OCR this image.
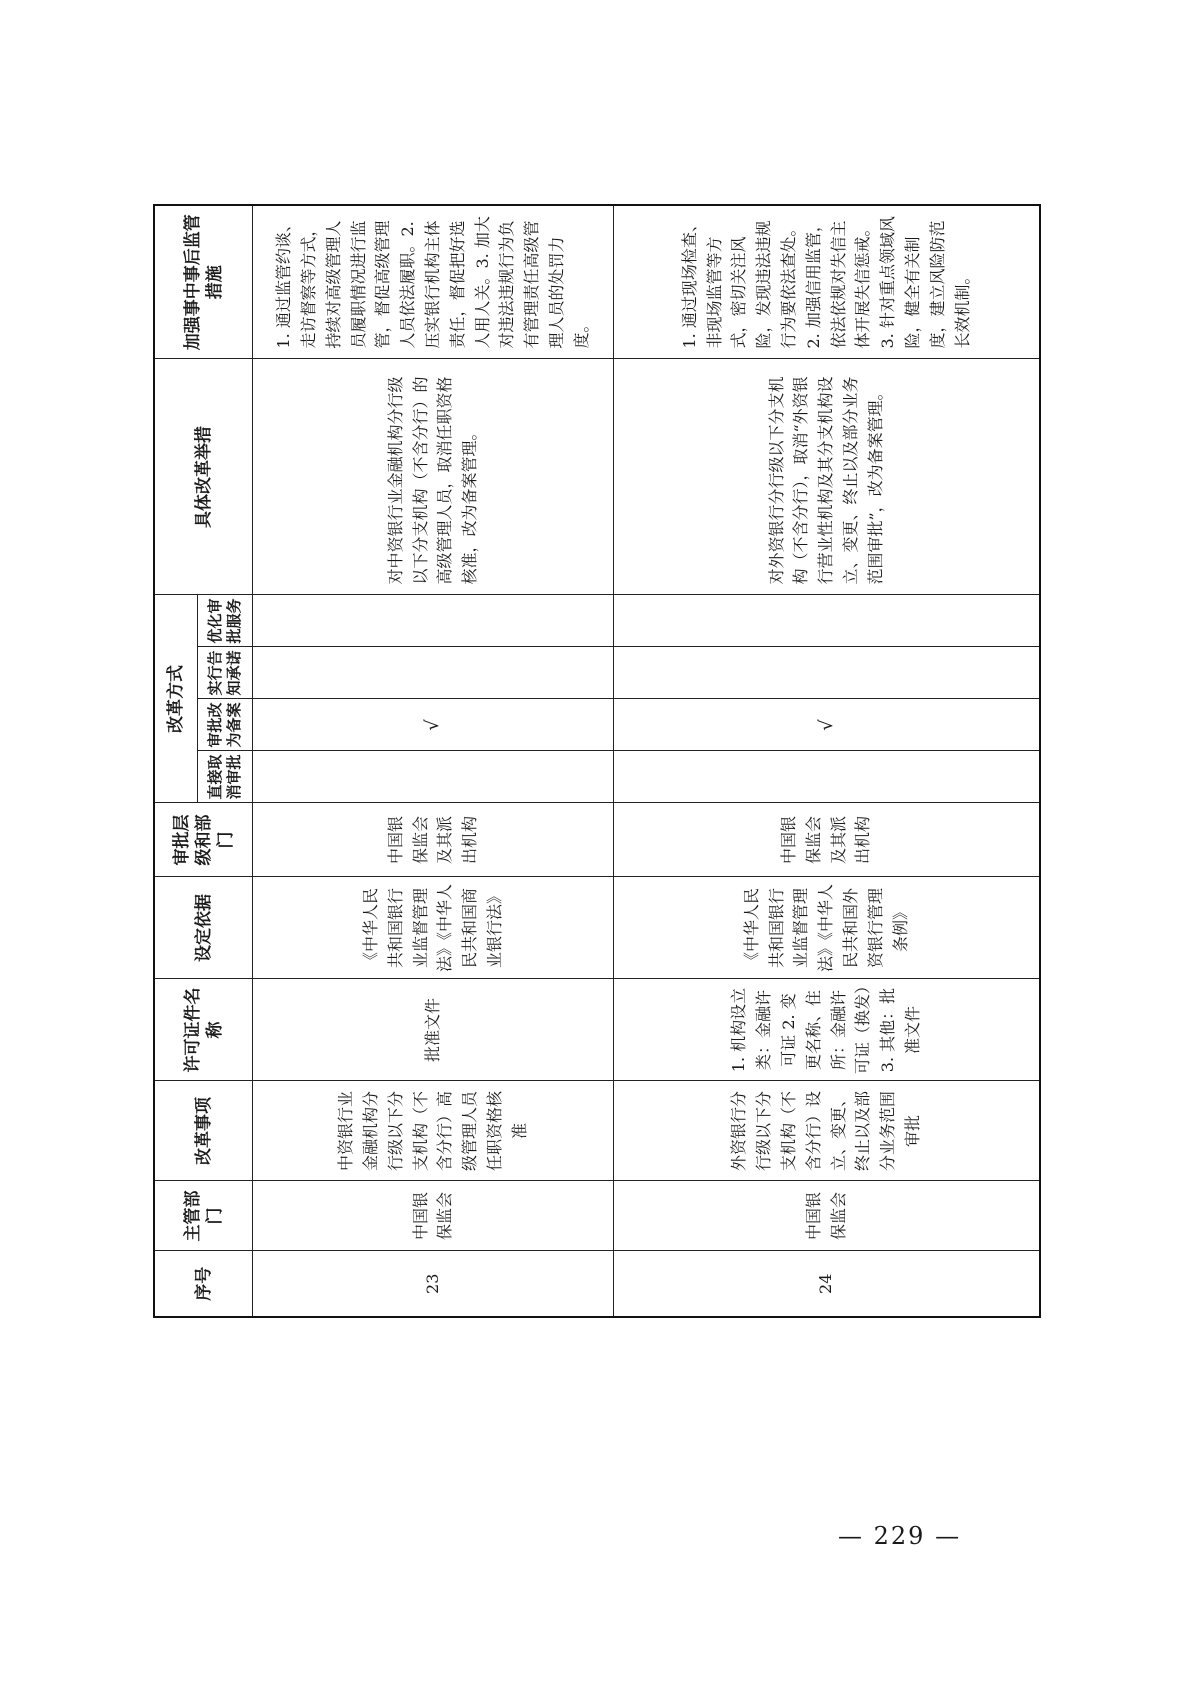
序号	主管部门	改革事项	许可证件名称	设定依据	审批层级和部门	改革方式				具体改革举措	加强事中事后监管措施
						直接取消审批	审批改为备案	实行告知承诺	优化审批服务		
23	中国银保监会	中资银行业金融机构分行级以下分支机构（不含分行）高级管理人员任职资格核准	批准文件	《中华人民共和国银行业监督管理法》《中华人民共和国商业银行法》	中国银保监会及其派出机构		√			对中资银行业金融机构分行级以下分支机构（不含分行）的高级管理人员，取消任职资格核准，改为备案管理。	1. 通过监管约谈、走访督察等方式，持续对高级管理人员履职情况进行监管，督促高级管理人员依法履职。2. 压实银行机构主体责任，督促把好选人用人关。3. 加大对违法违规行为负有管理责任高级管理人员的处罚力度。
24	中国银保监会	外资银行分行级以下分支机构（不含分行）设立、变更、终止以及部分业务范围审批	1. 机构设立类：金融许可证 2. 变更名称、住所：金融许可证（换发）3. 其他：批准文件	《中华人民共和国银行业监督管理法》《中华人民共和国外资银行管理条例》	中国银保监会及其派出机构		√			对外资银行分行级以下分支机构（不含分行），取消“外资银行营业性机构及其分支机构设立、变更、终止以及部分业务范围审批”，改为备案管理。	1. 通过现场检查、非现场监管等方式，密切关注风险，发现违法违规行为要依法查处。2. 加强信用监管，依法依规对失信主体开展失信惩戒。3. 针对重点领域风险，健全有关制度，建立风险防范长效机制。
— 229 —
